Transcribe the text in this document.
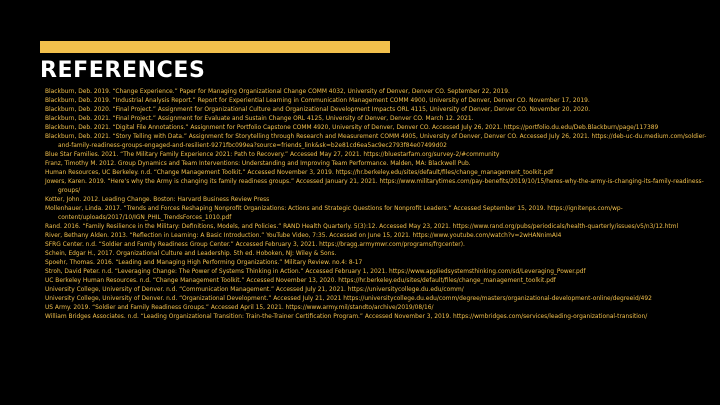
REFERENCES
Blackburn, Deb. 2019. “Change Experience.” Paper for Managing Organizational Change COMM 4032, University of Denver, Denver CO. September 22, 2019.
Blackburn, Deb. 2019. “Industrial Analysis Report.” Report for Experiential Learning in Communication Management COMM 4900, University of Denver, Denver CO. November 17, 2019.
Blackburn, Deb. 2020. “Final Project.” Assignment for Organizational Culture and Organizational Development Impacts ORL 4115, University of Denver, Denver CO. November 20, 2020.
Blackburn, Deb. 2021. “Final Project.” Assignment for Evaluate and Sustain Change ORL 4125, University of Denver, Denver CO. March 12. 2021.
Blackburn, Deb. 2021. “Digital File Annotations.” Assignment for Portfolio Capstone COMM 4920, University of Denver, Denver CO. Accessed July 26, 2021. https://portfolio.du.edu/Deb.Blackburn/page/117389
Blackburn, Deb. 2021. “Story Telling with Data.” Assignment for Storytelling through Research and Measurement COMM 4905, University of Denver, Denver CO. Accessed July 26, 2021. https://deb-uc-du.medium.com/soldier-and-family-readiness-groups-engaged-and-resilient-9271fbc099ea?source=friends_link&sk=b2e81cd6ea5ac9ec2793f84e07499d02
Blue Star Families. 2021. “The Military Family Experience 2021: Path to Recovery.” Accessed May 27, 2021. https://bluestarfam.org/survey-2/#community
Franz, Timothy M. 2012. Group Dynamics and Team Interventions: Understanding and Improving Team Performance. Malden, MA: Blackwell Pub.
Human Resources, UC Berkeley. n.d. “Change Management Toolkit.” Accessed November 3, 2019. https://hr.berkeley.edu/sites/default/files/change_management_toolkit.pdf
Jowers, Karen. 2019. “Here’s why the Army is changing its family readiness groups.” Accessed January 21, 2021. https://www.militarytimes.com/pay-benefits/2019/10/15/heres-why-the-army-is-changing-its-family-readiness-groups/
Kotter, John. 2012. Leading Change. Boston: Harvard Business Review Press
Mollenhauer, Linda. 2017. “Trends and Forces Reshaping Nonprofit Organizations: Actions and Strategic Questions for Nonprofit Leaders.” Accessed September 15, 2019. https://ignitenps.com/wp-content/uploads/2017/10/IGN_PHIL_TrendsForces_1010.pdf
Rand. 2016. “Family Resilience in the Military: Definitions, Models, and Policies.” RAND Health Quarterly. 5(3):12. Accessed May 23, 2021. https://www.rand.org/pubs/periodicals/health-quarterly/issues/v5/n3/12.html
River, Bethany Alden. 2013. “Reflection in Learning: A Basic Introduction.” YouTube Video, 7:35. Accessed on June 15, 2021. https://www.youtube.com/watch?v=2wHANnimAI4
SFRG Center. n.d. “Soldier and Family Readiness Group Center.” Accessed February 3, 2021. https://bragg.armymwr.com/programs/frgcenter).
Schein, Edgar H., 2017. Organizational Culture and Leadership. 5th ed. Hoboken, NJ: Wiley & Sons.
Spoehr, Thomas. 2016. “Leading and Managing High Performing Organizations.” Military Review. no.4: 8-17
Stroh, David Peter. n.d. “Leveraging Change: The Power of Systems Thinking in Action.” Accessed February 1, 2021. https://www.appliedsystemsthinking.com/sd/Leveraging_Power.pdf
UC Berkeley Human Resources. n.d. “Change Management Toolkit.” Accessed November 13, 2020. https://hr.berkeley.edu/sites/default/files/change_management_toolkit.pdf
University College, University of Denver. n.d. “Communication Management.” Accessed July 21, 2021. https://universitycollege.du.edu/comm/
University College, University of Denver. n.d. “Organizational Development.” Accessed July 21, 2021 https://universitycollege.du.edu/comm/degree/masters/organizational-development-online/degreeid/492
US Army. 2019. “Soldier and Family Readiness Groups.” Accessed April 15, 2021. https://www.army.mil/standto/archive/2019/08/16/
William Bridges Associates. n.d. “Leading Organizational Transition: Train-the-Trainer Certification Program.” Accessed November 3, 2019. https://wmbridges.com/services/leading-organizational-transition/
